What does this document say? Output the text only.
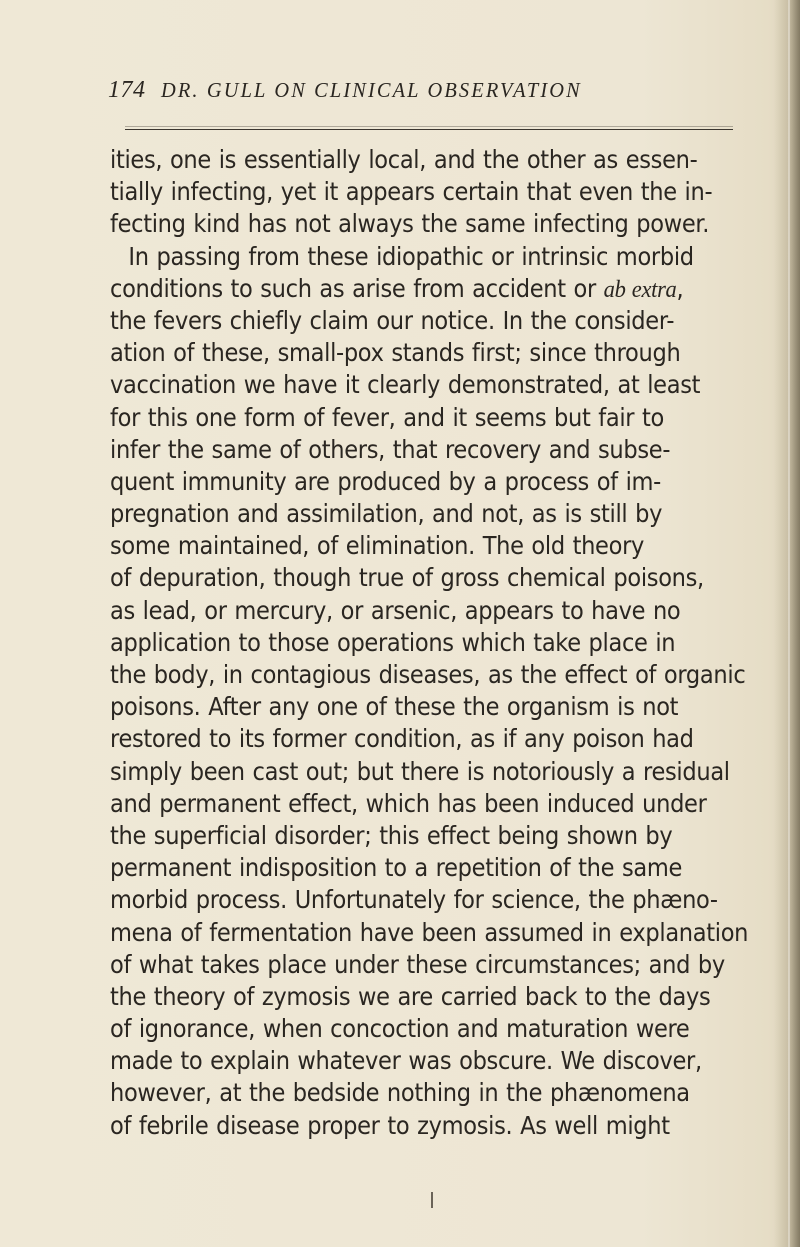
174 DR. GULL ON CLINICAL OBSERVATION
ities, one is essentially local, and the other as essen-
tially infecting, yet it appears certain that even the in-
fecting kind has not always the same infecting power.
In passing from these idiopathic or intrinsic morbid
conditions to such as arise from accident or ab extra,
the fevers chiefly claim our notice. In the consider-
ation of these, small-pox stands first; since through
vaccination we have it clearly demonstrated, at least
for this one form of fever, and it seems but fair to
infer the same of others, that recovery and subse-
quent immunity are produced by a process of im-
pregnation and assimilation, and not, as is still by
some maintained, of elimination. The old theory
of depuration, though true of gross chemical poisons,
as lead, or mercury, or arsenic, appears to have no
application to those operations which take place in
the body, in contagious diseases, as the effect of organic
poisons. After any one of these the organism is not
restored to its former condition, as if any poison had
simply been cast out; but there is notoriously a residual
and permanent effect, which has been induced under
the superficial disorder; this effect being shown by
permanent indisposition to a repetition of the same
morbid process. Unfortunately for science, the phæno-
mena of fermentation have been assumed in explanation
of what takes place under these circumstances; and by
the theory of zymosis we are carried back to the days
of ignorance, when concoction and maturation were
made to explain whatever was obscure. We discover,
however, at the bedside nothing in the phænomena
of febrile disease proper to zymosis. As well might
